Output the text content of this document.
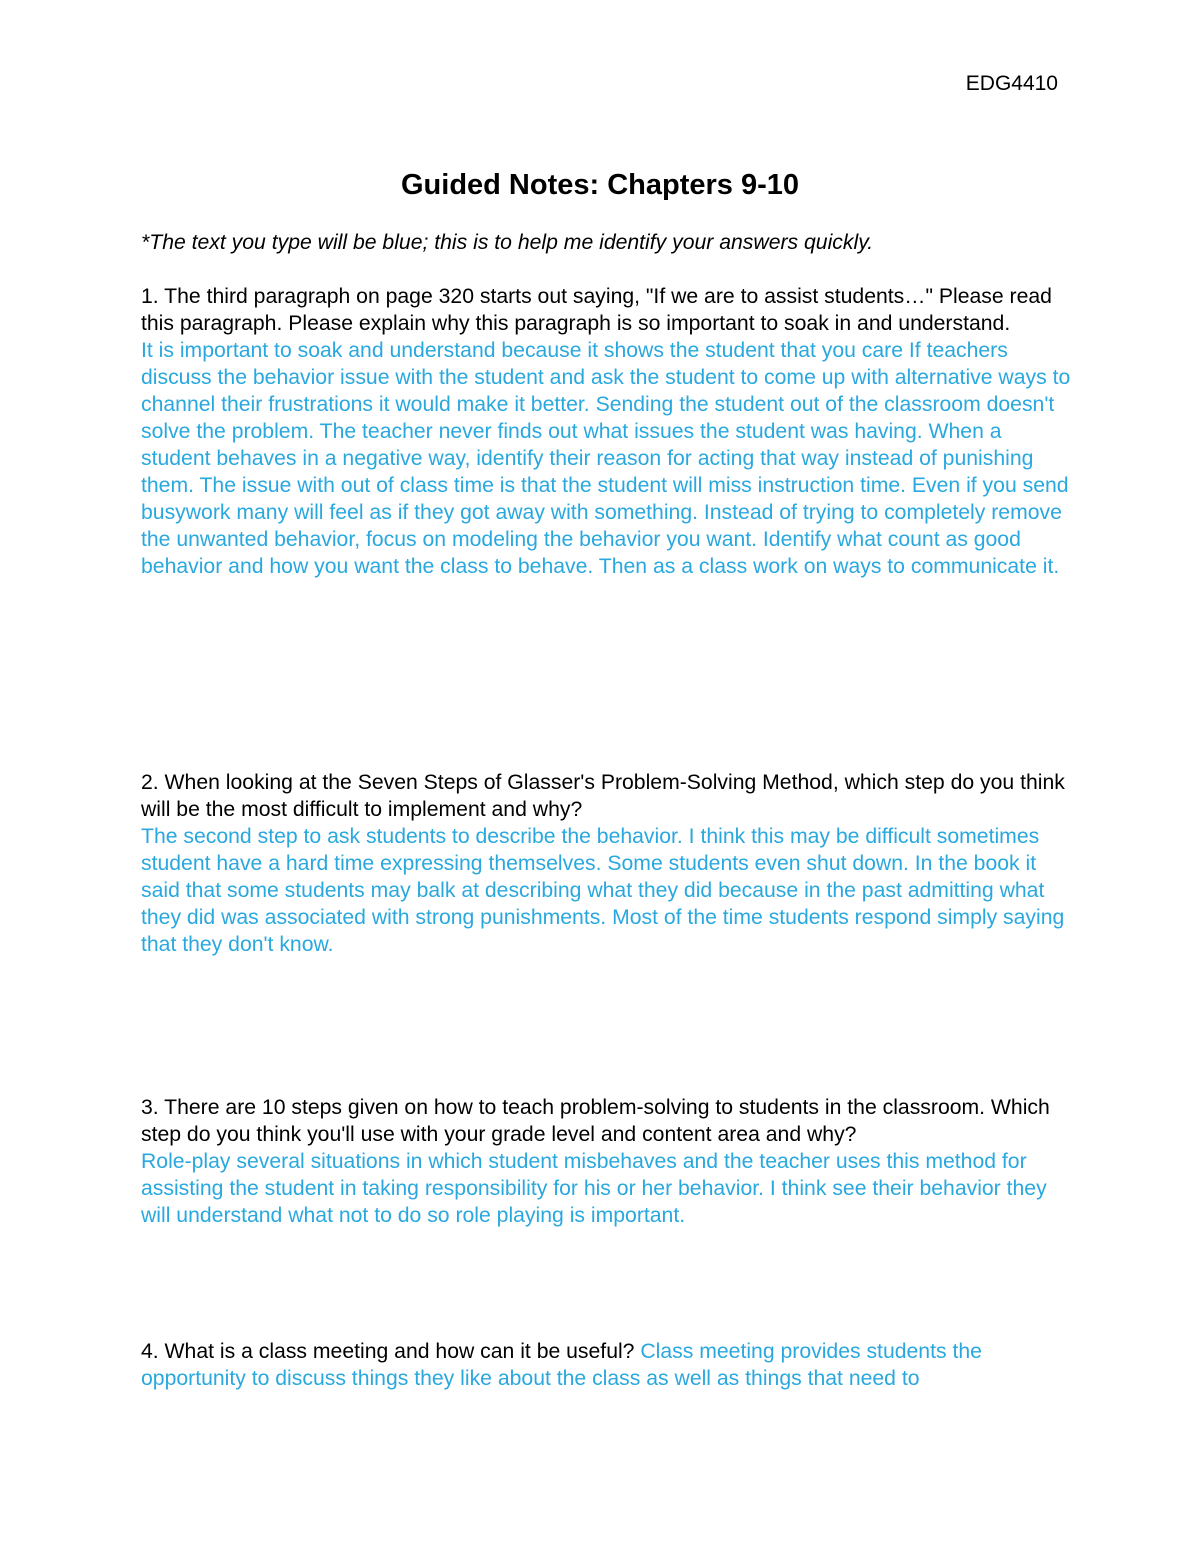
EDG4410
Guided Notes: Chapters 9-10
*The text you type will be blue; this is to help me identify your answers quickly.

1. The third paragraph on page 320 starts out saying, "If we are to assist students…" Please read this paragraph. Please explain why this paragraph is so important to soak in and understand.

It is important to soak and understand because it shows the student that you care If teachers discuss the behavior issue with the student and ask the student to come up with alternative ways to channel their frustrations it would make it better. Sending the student out of the classroom doesn't solve the problem. The teacher never finds out what issues the student was having. When a student behaves in a negative way, identify their reason for acting that way instead of punishing them. The issue with out of class time is that the student will miss instruction time. Even if you send busywork many will feel as if they got away with something. Instead of trying to completely remove the unwanted behavior, focus on modeling the behavior you want. Identify what count as good behavior and how you want the class to behave. Then as a class work on ways to communicate it.

2. When looking at the Seven Steps of Glasser's Problem-Solving Method, which step do you think will be the most difficult to implement and why?

The second step to ask students to describe the behavior. I think this may be difficult sometimes student have a hard time expressing themselves. Some students even shut down. In the book it said that some students may balk at describing what they did because in the past admitting what they did was associated with strong punishments. Most of the time students respond simply saying that they don't know.

3. There are 10 steps given on how to teach problem-solving to students in the classroom. Which step do you think you'll use with your grade level and content area and why?

Role-play several situations in which student misbehaves and the teacher uses this method for assisting the student in taking responsibility for his or her behavior. I think see their behavior they will understand what not to do so role playing is important.

4. What is a class meeting and how can it be useful? Class meeting provides students the opportunity to discuss things they like about the class as well as things that need to
